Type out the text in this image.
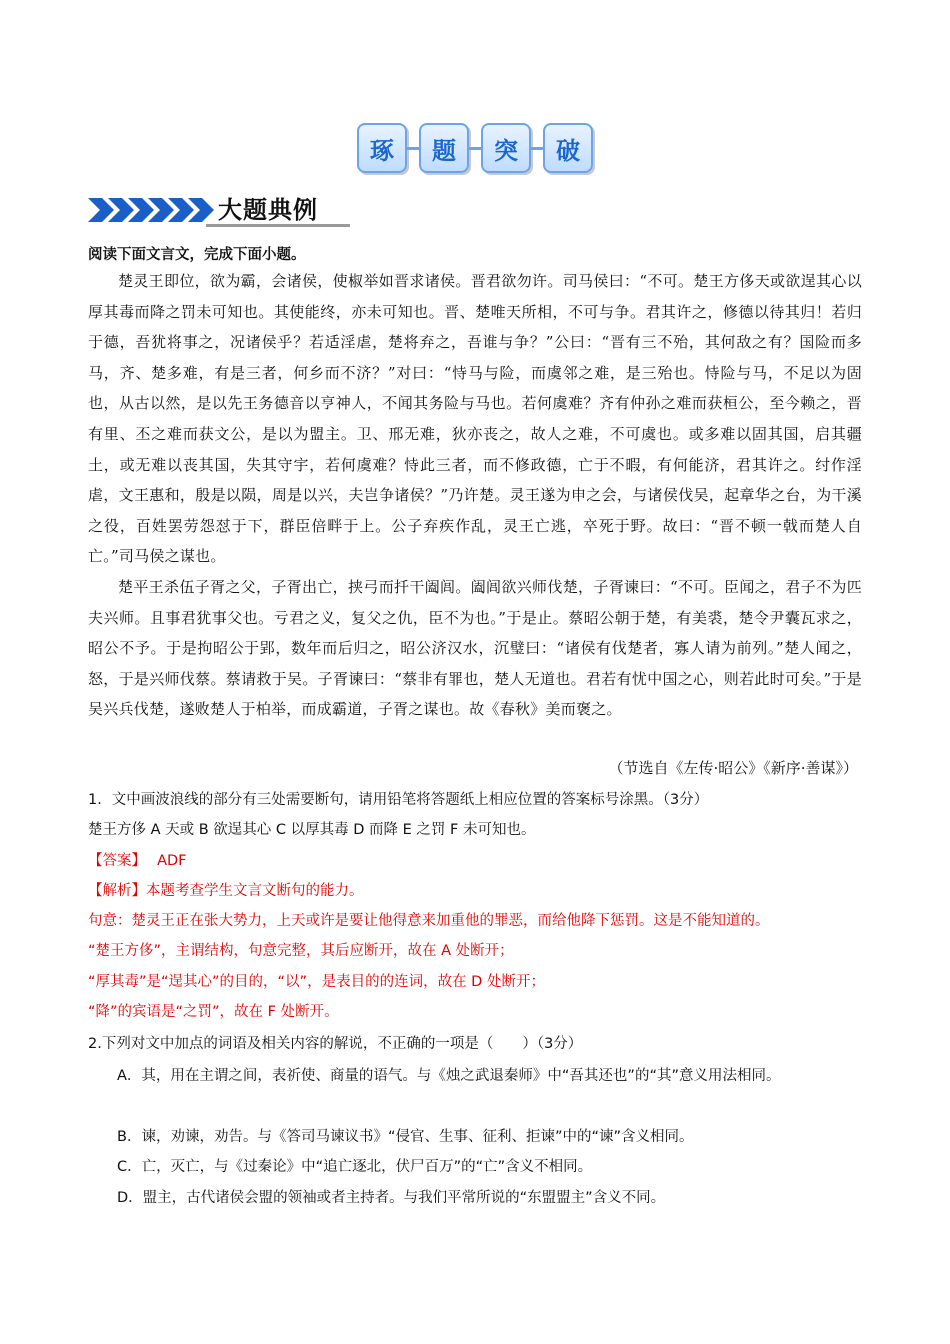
琢	题	突	破
大题典例
阅读下面文言文，完成下面小题。

楚灵王即位，欲为霸，会诸侯，使椒举如晋求诸侯。晋君欲勿许。司马侯曰：“不可。楚王方侈天或欲逞其心以厚其毒而降之罚未可知也。其使能终，亦未可知也。晋、楚唯天所相，不可与争。君其许之，修德以待其归！若归于德，吾犹将事之，况诸侯乎？若适淫虐，楚将弃之，吾谁与争？”公曰：“晋有三不殆，其何敌之有？国险而多马，齐、楚多难，有是三者，何乡而不济？”对曰：“恃马与险，而虞邻之难，是三殆也。恃险与马，不足以为固也，从古以然，是以先王务德音以亨神人，不闻其务险与马也。若何虞难？齐有仲孙之难而获桓公，至今赖之，晋有里、丕之难而获文公，是以为盟主。卫、邢无难，狄亦丧之，故人之难，不可虞也。或多难以固其国，启其疆土，或无难以丧其国，失其守宇，若何虞难？恃此三者，而不修政德，亡于不暇，有何能济，君其许之。纣作淫虐，文王惠和，殷是以陨，周是以兴，夫岂争诸侯？”乃许楚。灵王遂为申之会，与诸侯伐吴，起章华之台，为干溪之役，百姓罢劳怨怼于下，群臣倍畔于上。公子弃疾作乱，灵王亡逃，卒死于野。故曰：“晋不顿一戟而楚人自亡。”司马侯之谋也。

楚平王杀伍子胥之父，子胥出亡，挟弓而扦干阖闾。阖闾欲兴师伐楚，子胥谏曰：“不可。臣闻之，君子不为匹夫兴师。且事君犹事父也。亏君之义，复父之仇，臣不为也。”于是止。蔡昭公朝于楚，有美裘，楚令尹囊瓦求之，昭公不予。于是拘昭公于郢，数年而后归之，昭公济汉水，沉璧曰：“诸侯有伐楚者，寡人请为前列。”楚人闻之，怒，于是兴师伐蔡。蔡请救于吴。子胥谏曰：“蔡非有罪也，楚人无道也。君若有忧中国之心，则若此时可矣。”于是吴兴兵伐楚，遂败楚人于柏举，而成霸道，子胥之谋也。故《春秋》美而褒之。

（节选自《左传·昭公》《新序·善谋》）
1．文中画波浪线的部分有三处需要断句，请用铅笔将答题纸上相应位置的答案标号涂黑。（3分）
楚王方侈 A 天或 B 欲逞其心 C 以厚其毒 D 而降 E 之罚 F 未可知也。
【答案】 ADF
【解析】本题考查学生文言文断句的能力。
句意：楚灵王正在张大势力，上天或许是要让他得意来加重他的罪恶，而给他降下惩罚。这是不能知道的。
“楚王方侈”，主谓结构，句意完整，其后应断开，故在 A 处断开；
“厚其毒”是“逞其心”的目的，“以”，是表目的的连词，故在 D 处断开；
“降”的宾语是“之罚”，故在 F 处断开。
2.下列对文中加点的词语及相关内容的解说，不正确的一项是（　　）（3分）
A．其，用在主谓之间，表祈使、商量的语气。与《烛之武退秦师》中“吾其还也”的“其”意义用法相同。
B．谏，劝谏，劝告。与《答司马谏议书》“侵官、生事、征利、拒谏”中的“谏”含义相同。
C．亡，灭亡，与《过秦论》中“追亡逐北，伏尸百万”的“亡”含义不相同。
D．盟主，古代诸侯会盟的领袖或者主持者。与我们平常所说的“东盟盟主”含义不同。
